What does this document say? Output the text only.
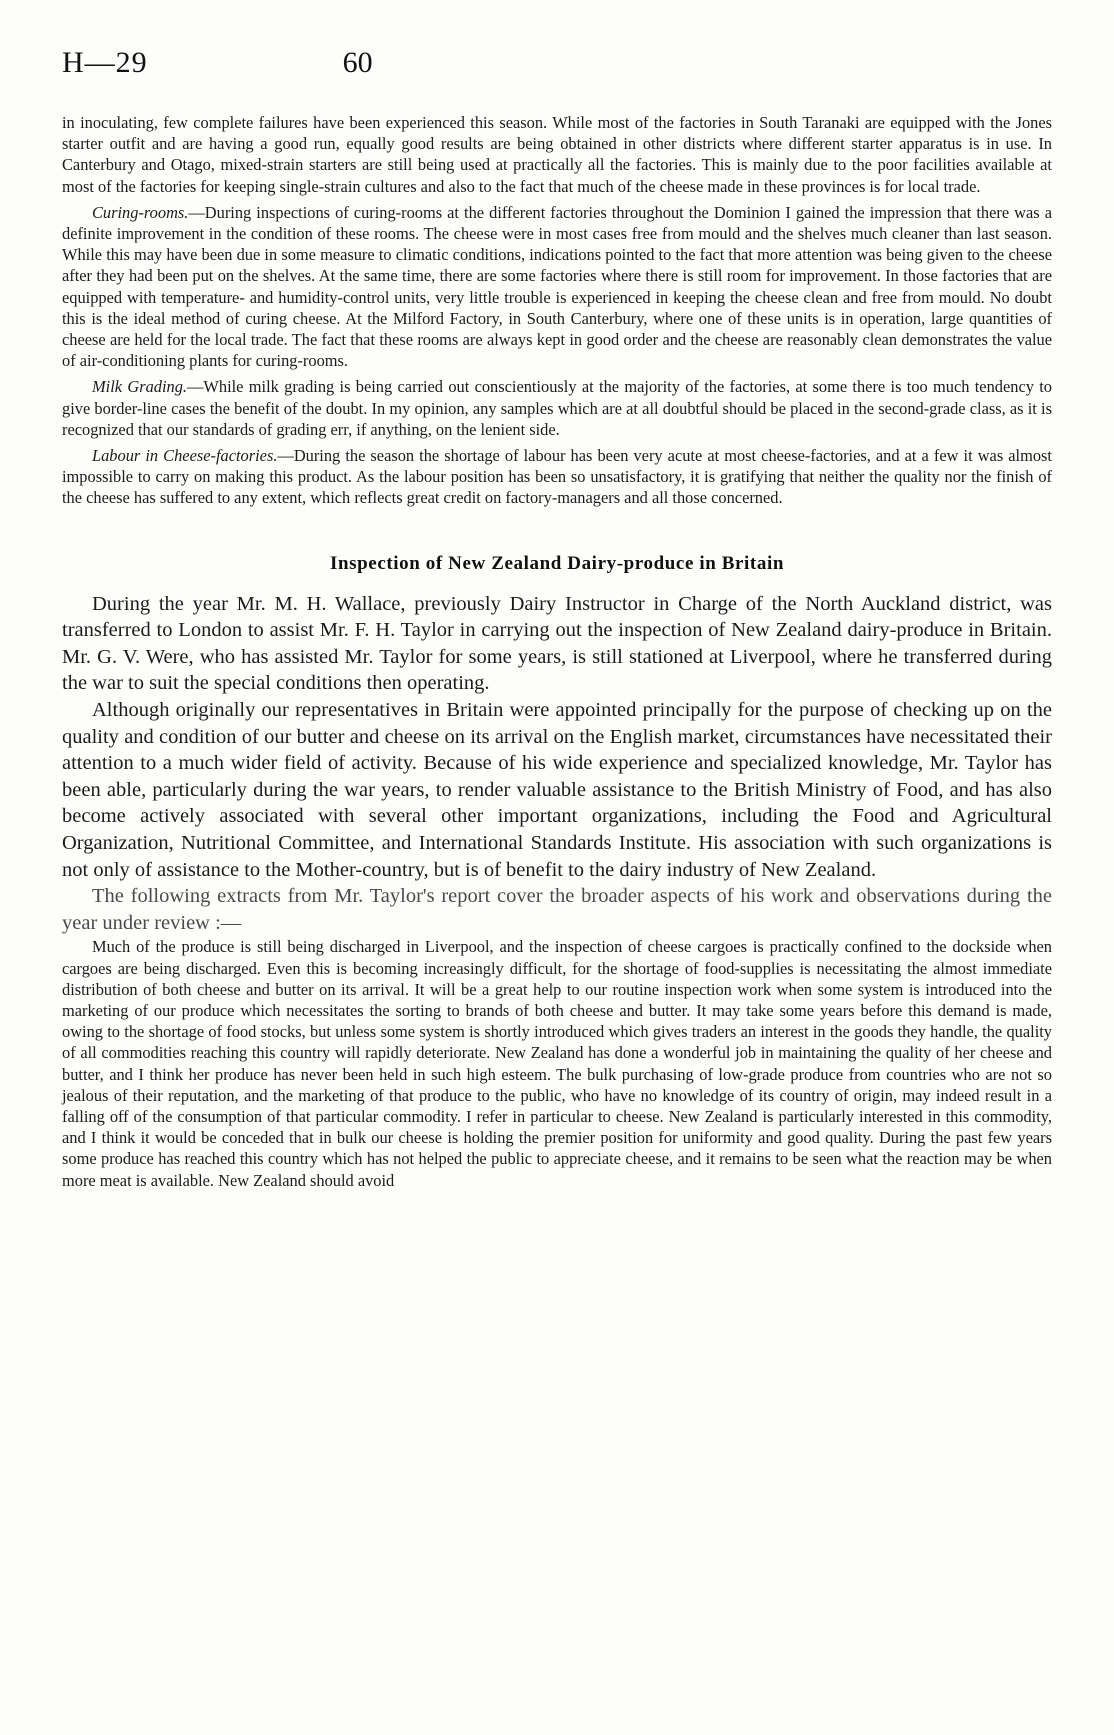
H—29	60

in inoculating, few complete failures have been experienced this season. While most of the factories in South Taranaki are equipped with the Jones starter outfit and are having a good run, equally good results are being obtained in other districts where different starter apparatus is in use. In Canterbury and Otago, mixed-strain starters are still being used at practically all the factories. This is mainly due to the poor facilities available at most of the factories for keeping single-strain cultures and also to the fact that much of the cheese made in these provinces is for local trade.

Curing-rooms.—During inspections of curing-rooms at the different factories throughout the Dominion I gained the impression that there was a definite improvement in the condition of these rooms. The cheese were in most cases free from mould and the shelves much cleaner than last season. While this may have been due in some measure to climatic conditions, indications pointed to the fact that more attention was being given to the cheese after they had been put on the shelves. At the same time, there are some factories where there is still room for improvement. In those factories that are equipped with temperature- and humidity-control units, very little trouble is experienced in keeping the cheese clean and free from mould. No doubt this is the ideal method of curing cheese. At the Milford Factory, in South Canterbury, where one of these units is in operation, large quantities of cheese are held for the local trade. The fact that these rooms are always kept in good order and the cheese are reasonably clean demonstrates the value of air-conditioning plants for curing-rooms.

Milk Grading.—While milk grading is being carried out conscientiously at the majority of the factories, at some there is too much tendency to give border-line cases the benefit of the doubt. In my opinion, any samples which are at all doubtful should be placed in the second-grade class, as it is recognized that our standards of grading err, if anything, on the lenient side.

Labour in Cheese-factories.—During the season the shortage of labour has been very acute at most cheese-factories, and at a few it was almost impossible to carry on making this product. As the labour position has been so unsatisfactory, it is gratifying that neither the quality nor the finish of the cheese has suffered to any extent, which reflects great credit on factory-managers and all those concerned.

Inspection of New Zealand Dairy-produce in Britain

During the year Mr. M. H. Wallace, previously Dairy Instructor in Charge of the North Auckland district, was transferred to London to assist Mr. F. H. Taylor in carrying out the inspection of New Zealand dairy-produce in Britain. Mr. G. V. Were, who has assisted Mr. Taylor for some years, is still stationed at Liverpool, where he transferred during the war to suit the special conditions then operating.

Although originally our representatives in Britain were appointed principally for the purpose of checking up on the quality and condition of our butter and cheese on its arrival on the English market, circumstances have necessitated their attention to a much wider field of activity. Because of his wide experience and specialized knowledge, Mr. Taylor has been able, particularly during the war years, to render valuable assistance to the British Ministry of Food, and has also become actively associated with several other important organizations, including the Food and Agricultural Organization, Nutritional Committee, and International Standards Institute. His association with such organizations is not only of assistance to the Mother-country, but is of benefit to the dairy industry of New Zealand.

The following extracts from Mr. Taylor's report cover the broader aspects of his work and observations during the year under review :—

Much of the produce is still being discharged in Liverpool, and the inspection of cheese cargoes is practically confined to the dockside when cargoes are being discharged. Even this is becoming increasingly difficult, for the shortage of food-supplies is necessitating the almost immediate distribution of both cheese and butter on its arrival. It will be a great help to our routine inspection work when some system is introduced into the marketing of our produce which necessitates the sorting to brands of both cheese and butter. It may take some years before this demand is made, owing to the shortage of food stocks, but unless some system is shortly introduced which gives traders an interest in the goods they handle, the quality of all commodities reaching this country will rapidly deteriorate. New Zealand has done a wonderful job in maintaining the quality of her cheese and butter, and I think her produce has never been held in such high esteem. The bulk purchasing of low-grade produce from countries who are not so jealous of their reputation, and the marketing of that produce to the public, who have no knowledge of its country of origin, may indeed result in a falling off of the consumption of that particular commodity. I refer in particular to cheese. New Zealand is particularly interested in this commodity, and I think it would be conceded that in bulk our cheese is holding the premier position for uniformity and good quality. During the past few years some produce has reached this country which has not helped the public to appreciate cheese, and it remains to be seen what the reaction may be when more meat is available. New Zealand should avoid
